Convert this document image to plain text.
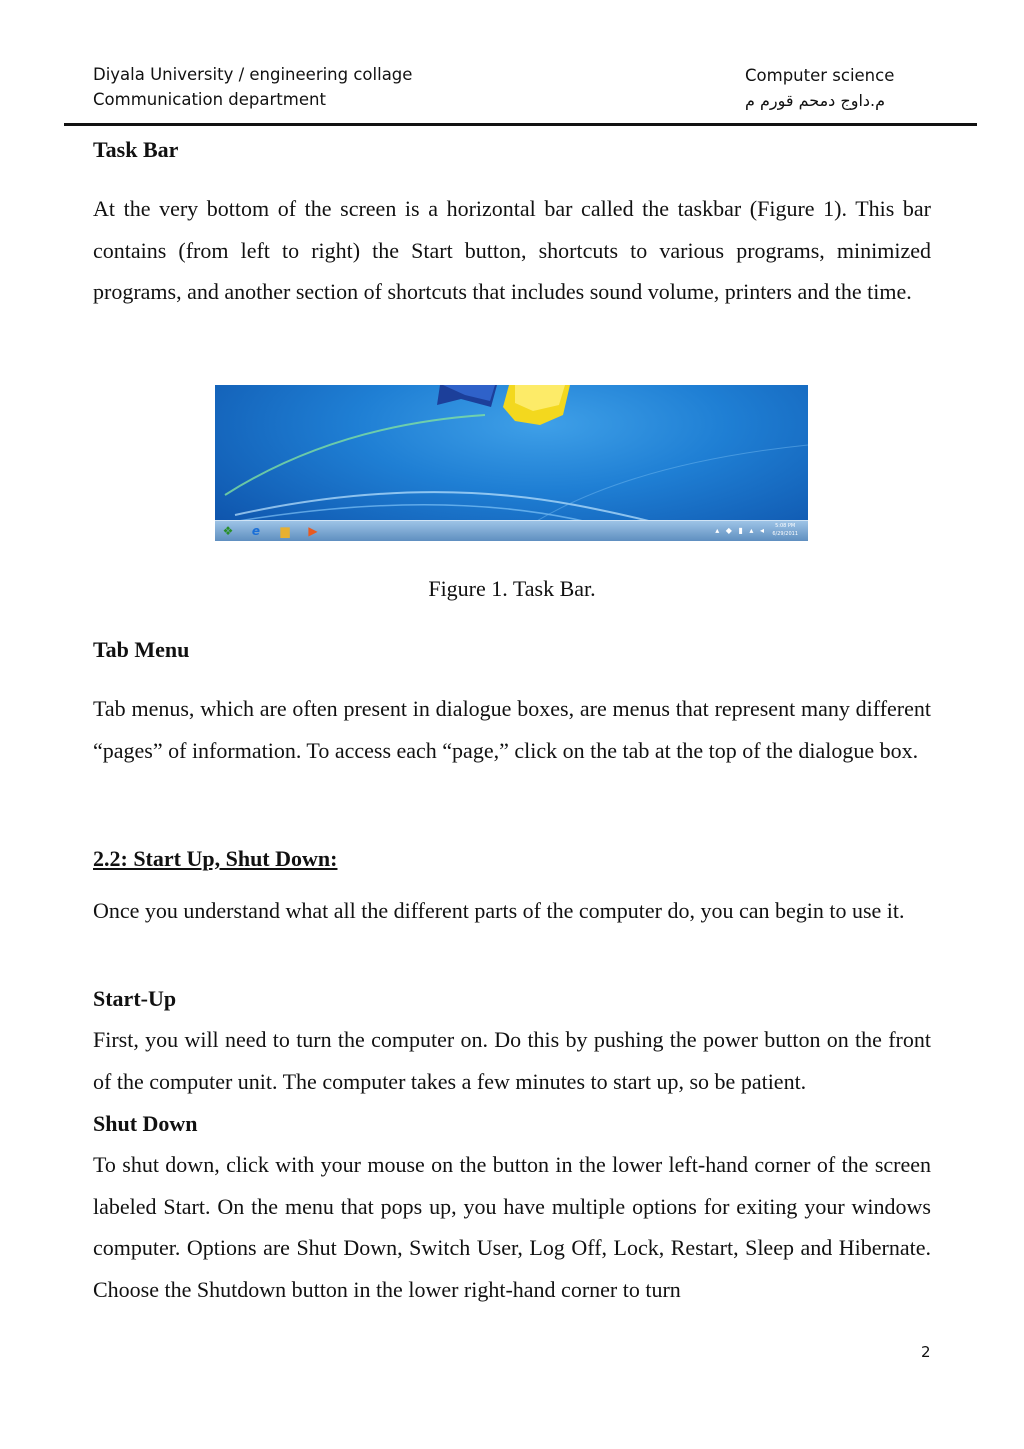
Diyala University / engineering collage
Communication department
Computer science
م.داوج دمحم قورم م
Task Bar
At the very bottom of the screen is a horizontal bar called the taskbar (Figure 1). This bar contains (from left to right) the Start button, shortcuts to various programs, minimized programs, and another section of shortcuts that includes sound volume, printers and the time.
❖ e ▆ ▶	▴ ◆ ▮ ▴ ◂	5:08 PM
6/29/2011
Figure 1. Task Bar.
Tab Menu
Tab menus, which are often present in dialogue boxes, are menus that represent many different “pages” of information. To access each “page,” click on the tab at the top of the dialogue box.
2.2: Start Up, Shut Down:
Once you understand what all the different parts of the computer do, you can begin to use it.
Start-Up
First, you will need to turn the computer on. Do this by pushing the power button on the front of the computer unit. The computer takes a few minutes to start up, so be patient.
Shut Down
To shut down, click with your mouse on the button in the lower left-hand corner of the screen labeled Start. On the menu that pops up, you have multiple options for exiting your windows computer. Options are Shut Down, Switch User, Log Off, Lock, Restart, Sleep and Hibernate. Choose the Shutdown button in the lower right-hand corner to turn
2
